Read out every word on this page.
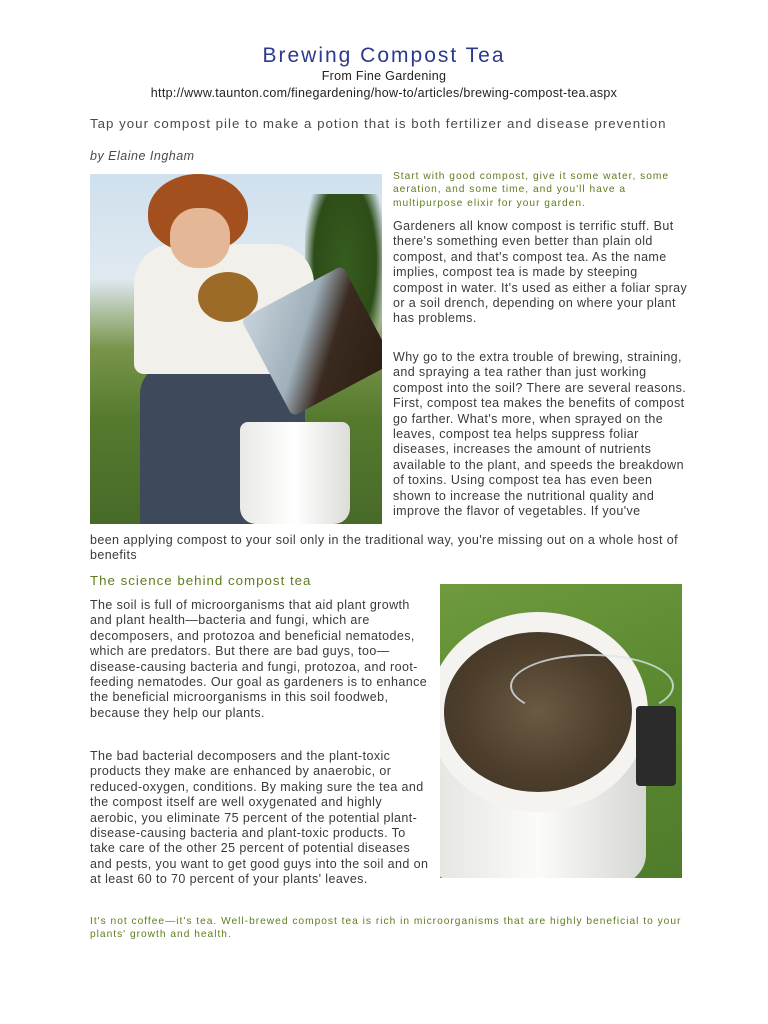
Brewing Compost Tea
From Fine Gardening
http://www.taunton.com/finegardening/how-to/articles/brewing-compost-tea.aspx
Tap your compost pile to make a potion that is both fertilizer and disease prevention
by Elaine Ingham
Start with good compost, give it some water, some aeration, and some time, and you'll have a multipurpose elixir for your garden.
Gardeners all know compost is terrific stuff. But there's something even better than plain old compost, and that's compost tea. As the name implies, compost tea is made by steeping compost in water. It's used as either a foliar spray or a soil drench, depending on where your plant has problems.
Why go to the extra trouble of brewing, straining, and spraying a tea rather than just working compost into the soil? There are several reasons. First, compost tea makes the benefits of compost go farther. What's more, when sprayed on the leaves, compost tea helps suppress foliar diseases, increases the amount of nutrients available to the plant, and speeds the breakdown of toxins. Using compost tea has even been shown to increase the nutritional quality and improve the flavor of vegetables. If you've
been applying compost to your soil only in the traditional way, you're missing out on a whole host of benefits
The science behind compost tea
The soil is full of microorganisms that aid plant growth and plant health—bacteria and fungi, which are decomposers, and protozoa and beneficial nematodes, which are predators. But there are bad guys, too—disease-causing bacteria and fungi, protozoa, and root-feeding nematodes. Our goal as gardeners is to enhance the beneficial microorganisms in this soil foodweb, because they help our plants.
The bad bacterial decomposers and the plant-toxic products they make are enhanced by anaerobic, or reduced-oxygen, conditions. By making sure the tea and the compost itself are well oxygenated and highly aerobic, you eliminate 75 percent of the potential plant-disease-causing bacteria and plant-toxic products. To take care of the other 25 percent of potential diseases and pests, you want to get good guys into the soil and on at least 60 to 70 percent of your plants' leaves.
It's not coffee—it's tea. Well-brewed compost tea is rich in microorganisms that are highly beneficial to your plants' growth and health.
